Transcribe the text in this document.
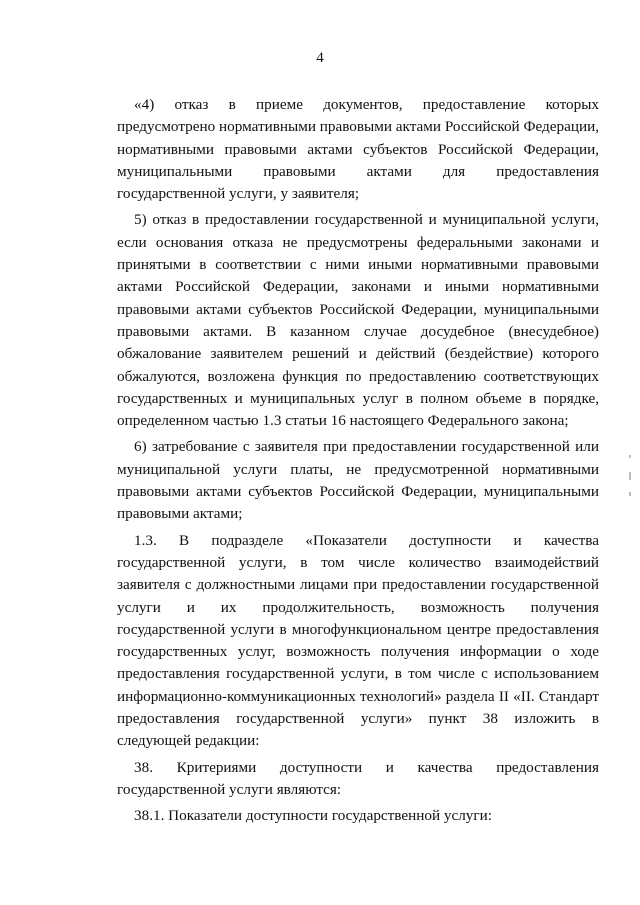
4

«4) отказ в приеме документов, предоставление которых предусмотрено нормативными правовыми актами Российской Федерации, нормативными правовыми актами субъектов Российской Федерации, муниципальными правовыми актами для предоставления государственной услуги, у заявителя;

5) отказ в предоставлении государственной и муниципальной услуги, если основания отказа не предусмотрены федеральными законами и принятыми в соответствии с ними иными нормативными правовыми актами Российской Федерации, законами и иными нормативными правовыми актами субъектов Российской Федерации, муниципальными правовыми актами. В казанном случае досудебное (внесудебное) обжалование заявителем решений и действий (бездействие) которого обжалуются, возложена функция по предоставлению соответствующих государственных и муниципальных услуг в полном объеме в порядке, определенном частью 1.3 статьи 16 настоящего Федерального закона;

6) затребование с заявителя при предоставлении государственной или муниципальной услуги платы, не предусмотренной нормативными правовыми актами субъектов Российской Федерации, муниципальными правовыми актами;

1.3. В подразделе «Показатели доступности и качества государственной услуги, в том числе количество взаимодействий заявителя с должностными лицами при предоставлении государственной услуги и их продолжительность, возможность получения государственной услуги в многофункциональном центре предоставления государственных услуг, возможность получения информации о ходе предоставления государственной услуги, в том числе с использованием информационно-коммуникационных технологий» раздела II «II. Стандарт предоставления государственной услуги» пункт 38 изложить в следующей редакции:

38. Критериями доступности и качества предоставления государственной услуги являются:

38.1. Показатели доступности государственной услуги:
